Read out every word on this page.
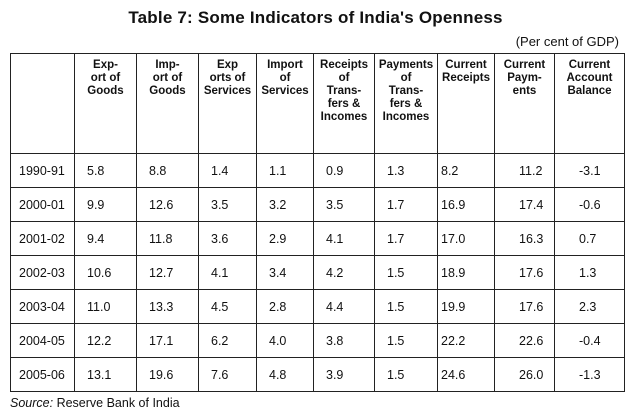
Table 7: Some Indicators of India's Openness
(Per cent of GDP)

	Exp-
ort of
Goods	Imp-
ort of
Goods	Exp
orts of
Services	Import
of
Services	Receipts
of
Trans-
fers &
Incomes	Payments
of
Trans-
fers &
Incomes	Current
Receipts	Current
Paym-
ents	Current
Account
Balance

1990-91	5.8	8.8	1.4	1.1	0.9	1.3	8.2	11.2	-3.1
2000-01	9.9	12.6	3.5	3.2	3.5	1.7	16.9	17.4	-0.6
2001-02	9.4	11.8	3.6	2.9	4.1	1.7	17.0	16.3	0.7
2002-03	10.6	12.7	4.1	3.4	4.2	1.5	18.9	17.6	1.3
2003-04	11.0	13.3	4.5	2.8	4.4	1.5	19.9	17.6	2.3
2004-05	12.2	17.1	6.2	4.0	3.8	1.5	22.2	22.6	-0.4
2005-06	13.1	19.6	7.6	4.8	3.9	1.5	24.6	26.0	-1.3
Source: Reserve Bank of India
